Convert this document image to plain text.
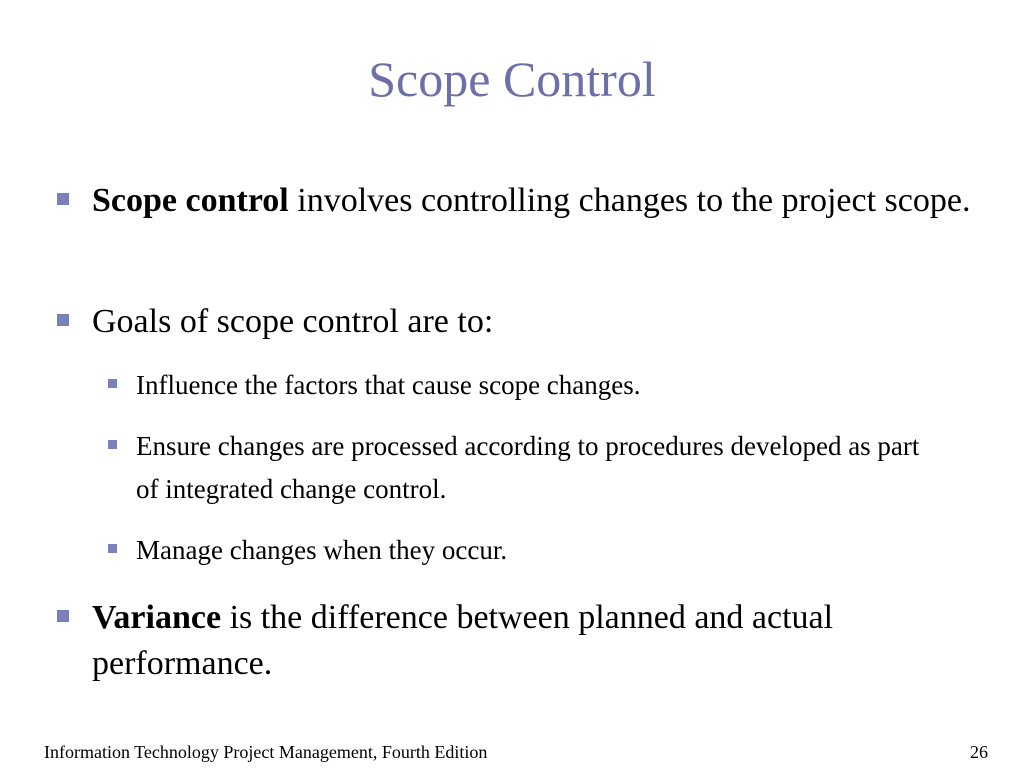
Scope Control
Scope control involves controlling changes to the project scope.
Goals of scope control are to:
Influence the factors that cause scope changes.
Ensure changes are processed according to procedures developed as part of integrated change control.
Manage changes when they occur.
Variance is the difference between planned and actual performance.
Information Technology Project Management, Fourth Edition	26
